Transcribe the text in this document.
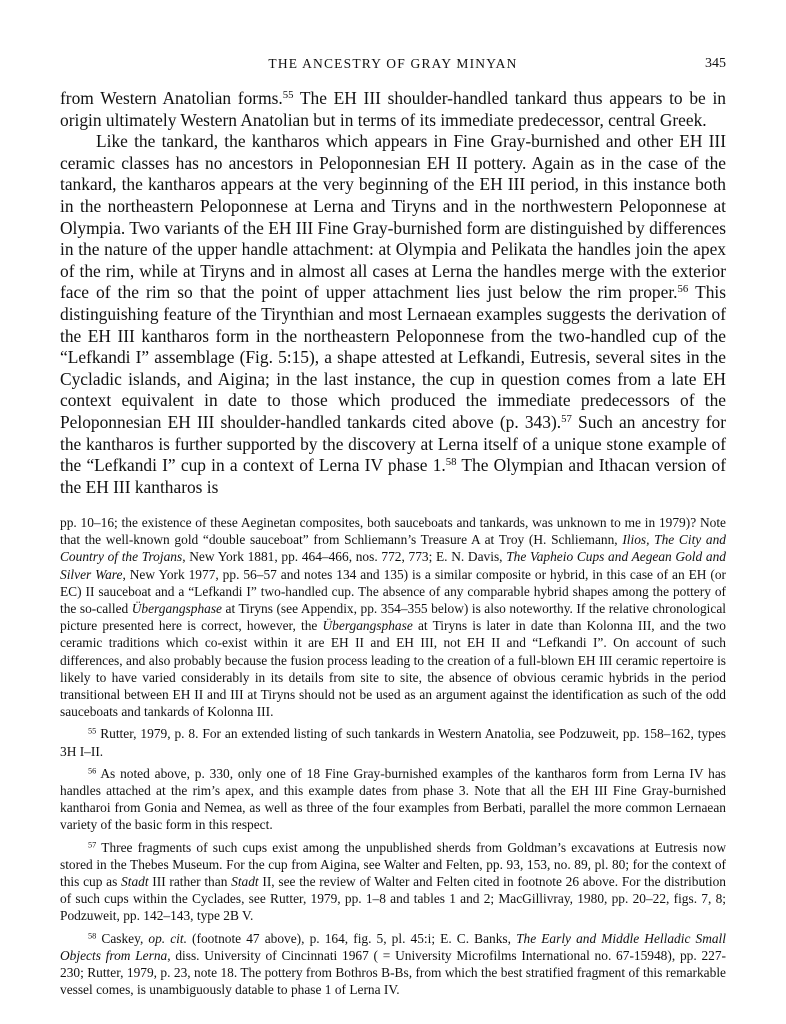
THE ANCESTRY OF GRAY MINYAN	345

from Western Anatolian forms.$^{55}$ The EH III shoulder-handled tankard thus appears to be in origin ultimately Western Anatolian but in terms of its immediate predecessor, central Greek.

Like the tankard, the kantharos which appears in Fine Gray-burnished and other EH III ceramic classes has no ancestors in Peloponnesian EH II pottery. Again as in the case of the tankard, the kantharos appears at the very beginning of the EH III period, in this instance both in the northeastern Peloponnese at Lerna and Tiryns and in the northwestern Peloponnese at Olympia. Two variants of the EH III Fine Gray-burnished form are distinguished by differences in the nature of the upper handle attachment: at Olympia and Pelikata the handles join the apex of the rim, while at Tiryns and in almost all cases at Lerna the handles merge with the exterior face of the rim so that the point of upper attachment lies just below the rim proper.$^{56}$ This distinguishing feature of the Tirynthian and most Lernaean examples suggests the derivation of the EH III kantharos form in the northeastern Peloponnese from the two-handled cup of the “Lefkandi I” assemblage (Fig. 5:15), a shape attested at Lefkandi, Eutresis, several sites in the Cycladic islands, and Aigina; in the last instance, the cup in question comes from a late EH context equivalent in date to those which produced the immediate predecessors of the Peloponnesian EH III shoulder-handled tankards cited above (p. 343).$^{57}$ Such an ancestry for the kantharos is further supported by the discovery at Lerna itself of a unique stone example of the “Lefkandi I” cup in a context of Lerna IV phase 1.58 The Olympian and Ithacan version of the EH III kantharos is

pp. 10–16; the existence of these Aeginetan composites, both sauceboats and tankards, was unknown to me in 1979)? Note that the well-known gold “double sauceboat” from Schliemann’s Treasure A at Troy (H. Schliemann, Ilios, The City and Country of the Trojans, New York 1881, pp. 464–466, nos. 772, 773; E. N. Davis, The Vapheio Cups and Aegean Gold and Silver Ware, New York 1977, pp. 56–57 and notes 134 and 135) is a similar composite or hybrid, in this case of an EH (or EC) II sauceboat and a “Lefkandi I” two-handled cup. The absence of any comparable hybrid shapes among the pottery of the so-called Übergangsphase at Tiryns (see Appendix, pp. 354–355 below) is also noteworthy. If the relative chronological picture presented here is correct, however, the Übergangsphase at Tiryns is later in date than Kolonna III, and the two ceramic traditions which co-exist within it are EH II and EH III, not EH II and “Lefkandi I”. On account of such differences, and also probably because the fusion process leading to the creation of a full-blown EH III ceramic repertoire is likely to have varied considerably in its details from site to site, the absence of obvious ceramic hybrids in the period transitional between EH II and III at Tiryns should not be used as an argument against the identification as such of the odd sauceboats and tankards of Kolonna III.

$^{55}$ Rutter, 1979, p. 8. For an extended listing of such tankards in Western Anatolia, see Podzuweit, pp. 158–162, types 3H I–II.

$^{56}$ As noted above, p. 330, only one of 18 Fine Gray-burnished examples of the kantharos form from Lerna IV has handles attached at the rim’s apex, and this example dates from phase 3. Note that all the EH III Fine Gray-burnished kantharoi from Gonia and Nemea, as well as three of the four examples from Berbati, parallel the more common Lernaean variety of the basic form in this respect.

$^{57}$ Three fragments of such cups exist among the unpublished sherds from Goldman’s excavations at Eutresis now stored in the Thebes Museum. For the cup from Aigina, see Walter and Felten, pp. 93, 153, no. 89, pl. 80; for the context of this cup as Stadt III rather than Stadt II, see the review of Walter and Felten cited in footnote 26 above. For the distribution of such cups within the Cyclades, see Rutter, 1979, pp. 1–8 and tables 1 and 2; MacGillivray, 1980, pp. 20–22, figs. 7, 8; Podzuweit, pp. 142–143, type 2B V.

$^{58}$ Caskey, op. cit. (footnote 47 above), p. 164, fig. 5, pl. 45:i; E. C. Banks, The Early and Middle Helladic Small Objects from Lerna, diss. University of Cincinnati 1967 ( = University Microfilms International no. 67-15948), pp. 227-230; Rutter, 1979, p. 23, note 18. The pottery from Bothros B-Bs, from which the best stratified fragment of this remarkable vessel comes, is unambiguously datable to phase 1 of Lerna IV.
